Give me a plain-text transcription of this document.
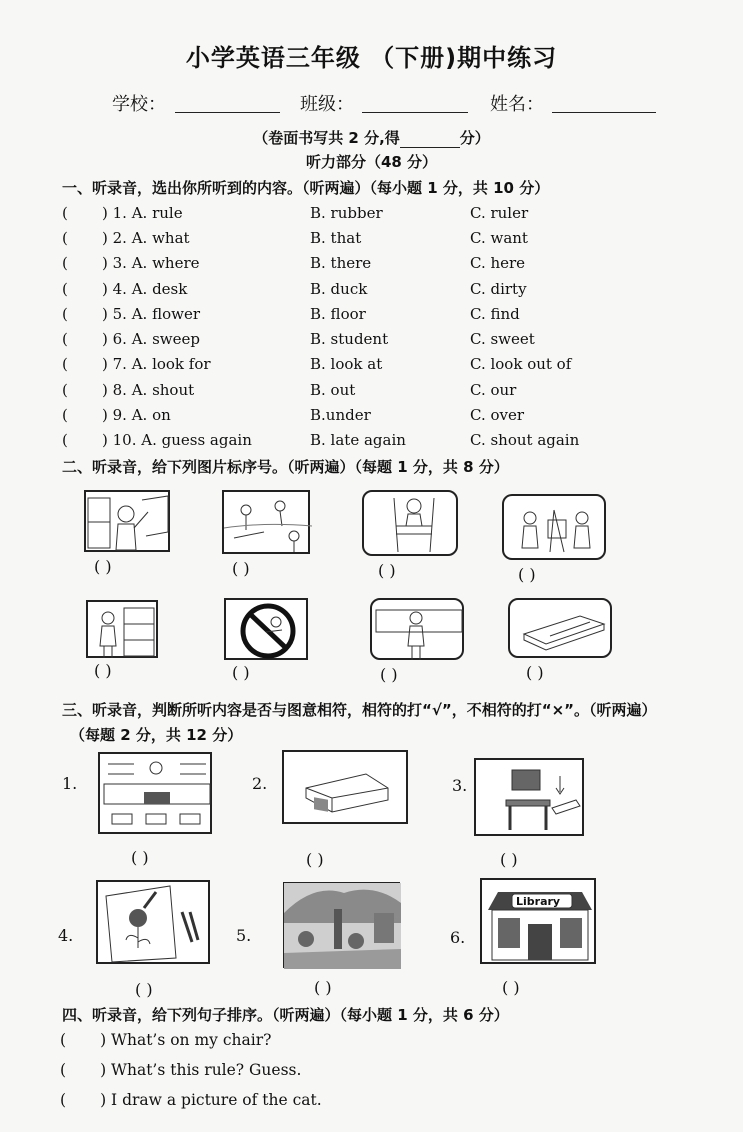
小学英语三年级 （下册)期中练习
学校：	班级：	姓名：
（卷面书写共 2 分,得	分）
听力部分（48 分）
一、听录音，选出你所听到的内容。（听两遍）（每小题 1 分，共 10 分）
( ) 1. A. rule	B. rubber	C. ruler
( ) 2. A. what	B. that	C. want
( ) 3. A. where	B. there	C. here
( ) 4. A. desk	B. duck	C. dirty
( ) 5. A. flower	B. floor	C. find
( ) 6. A. sweep	B. student	C. sweet
( ) 7. A. look for	B. look at	C. look out of
( ) 8. A. shout	B. out	C. our
( ) 9. A. on	B.under	C. over
( ) 10. A. guess again	B. late again	C. shout again
二、听录音，给下列图片标序号。（听两遍）（每题 1 分，共 8 分）
( )	( )	( )	( )
( )	( )	( )	( )
三、听录音，判断所听内容是否与图意相符，相符的打“√”，不相符的打“×”。（听两遍）
（每题 2 分，共 12 分）
1.
( )
2.
( )
3.
( )
4.
( )
5.
( )
6.
Library
( )
四、听录音，给下列句子排序。（听两遍）（每小题 1 分，共 6 分）
( ) What’s on my chair?
( ) What’s this rule? Guess.
( ) I draw a picture of the cat.
